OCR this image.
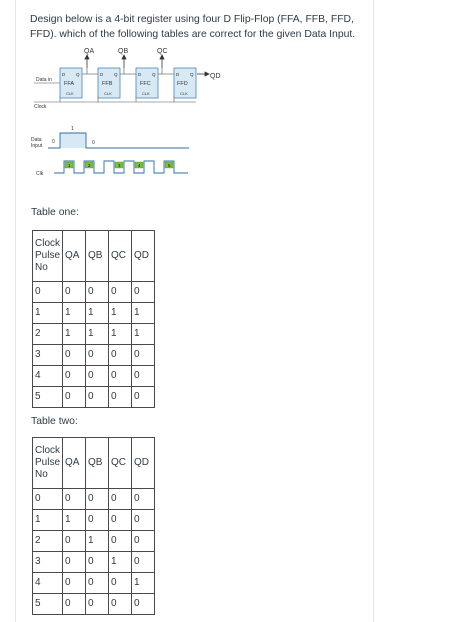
Design below is a 4-bit register using four D Flip-Flop (FFA, FFB, FFD, FFD). which of the following tables are correct for the given Data Input.
QA	QB	QC
QD
Data in
Clock
D Q
FFA
CLK
D Q
FFB
CLK
D Q
FFC
CLK
D Q
FFD
CLK
Data
Input
0
1
0
Clk
1	2	3	4	5
Table one:
Clock
Pulse
No	QA	QB	QC	QD
0	0	0	0	0
1	1	1	1	1
2	1	1	1	1
3	0	0	0	0
4	0	0	0	0
5	0	0	0	0
Table two:
Clock
Pulse
No	QA	QB	QC	QD
0	0	0	0	0
1	1	0	0	0
2	0	1	0	0
3	0	0	1	0
4	0	0	0	1
5	0	0	0	0
